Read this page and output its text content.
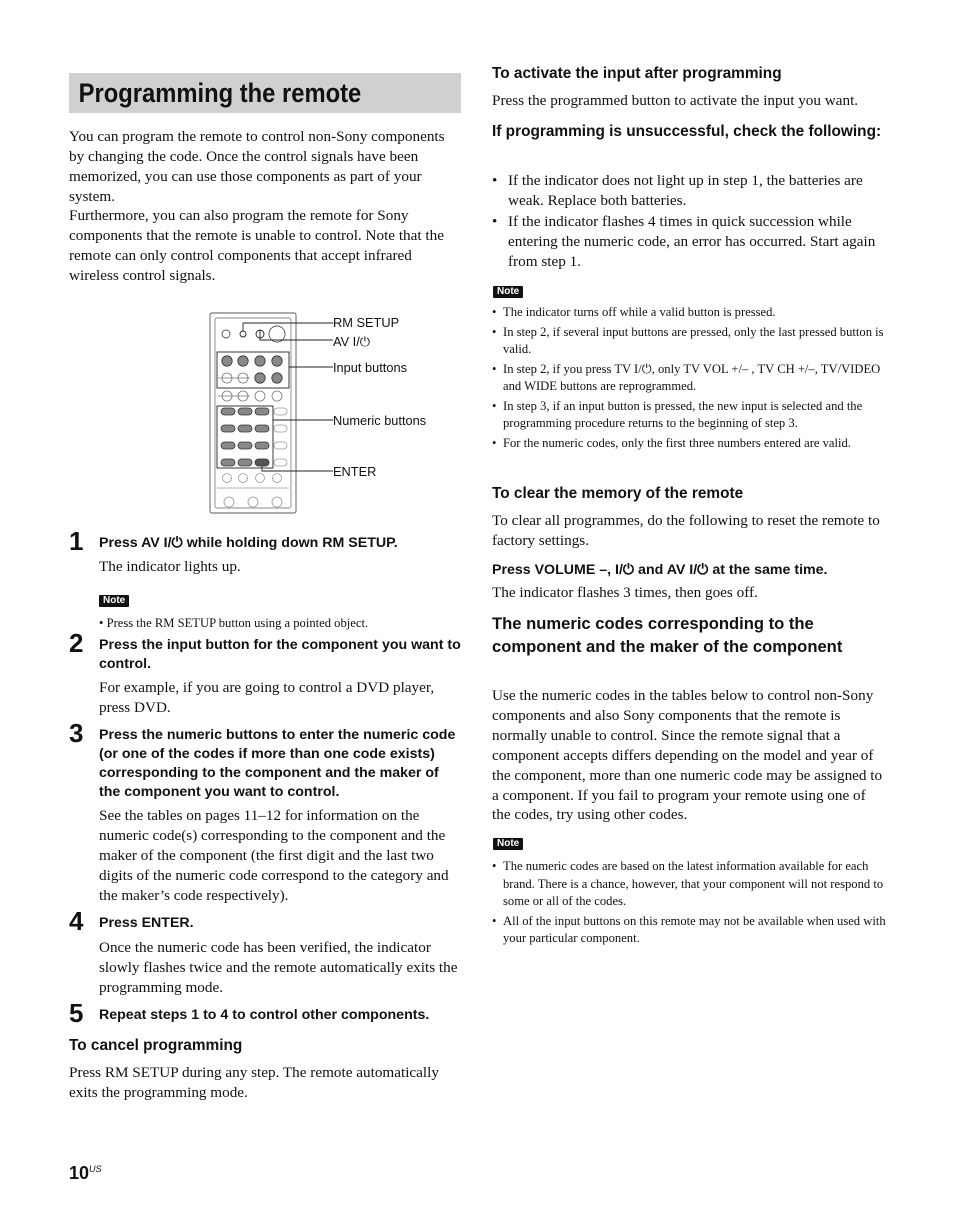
Programming the remote

You can program the remote to control non-Sony components by changing the code. Once the control signals have been memorized, you can use those components as part of your system.

Furthermore, you can also program the remote for Sony components that the remote is unable to control. Note that the remote can only control components that accept infrared wireless control signals.

RM SETUP
AV I/⏻
Input buttons
Numeric buttons
ENTER
1 Press AV I/⏻ while holding down RM SETUP.
The indicator lights up.
Note
• Press the RM SETUP button using a pointed object.
2 Press the input button for the component you want to control.
For example, if you are going to control a DVD player, press DVD.
3 Press the numeric buttons to enter the numeric code (or one of the codes if more than one code exists) corresponding to the component and the maker of the component you want to control.
See the tables on pages 11–12 for information on the numeric code(s) corresponding to the component and the maker of the component (the first digit and the last two digits of the numeric code correspond to the category and the maker’s code respectively).
4 Press ENTER.
Once the numeric code has been verified, the indicator slowly flashes twice and the remote automatically exits the programming mode.
5 Repeat steps 1 to 4 to control other components.
To cancel programming

Press RM SETUP during any step. The remote automatically exits the programming mode.

$10^{US}$
To activate the input after programming

Press the programmed button to activate the input you want.

If programming is unsuccessful, check the following:
• If the indicator does not light up in step 1, the batteries are weak. Replace both batteries.
• If the indicator flashes 4 times in quick succession while entering the numeric code, an error has occurred. Start again from step 1.
Note
• The indicator turns off while a valid button is pressed.
• In step 2, if several input buttons are pressed, only the last pressed button is valid.
• In step 2, if you press TV I/⏻, only TV VOL +/– , TV CH +/–, TV/VIDEO and WIDE buttons are reprogrammed.
• In step 3, if an input button is pressed, the new input is selected and the programming procedure returns to the beginning of step 3.
• For the numeric codes, only the first three numbers entered are valid.
To clear the memory of the remote

To clear all programmes, do the following to reset the remote to factory settings.

Press VOLUME –, I/⏻ and AV I/⏻ at the same time.

The indicator flashes 3 times, then goes off.

The numeric codes corresponding to the component and the maker of the component

Use the numeric codes in the tables below to control non-Sony components and also Sony components that the remote is normally unable to control. Since the remote signal that a component accepts differs depending on the model and year of the component, more than one numeric code may be assigned to a component. If you fail to program your remote using one of the codes, try using other codes.

Note
• The numeric codes are based on the latest information available for each brand. There is a chance, however, that your component will not respond to some or all of the codes.
• All of the input buttons on this remote may not be available when used with your particular component.
